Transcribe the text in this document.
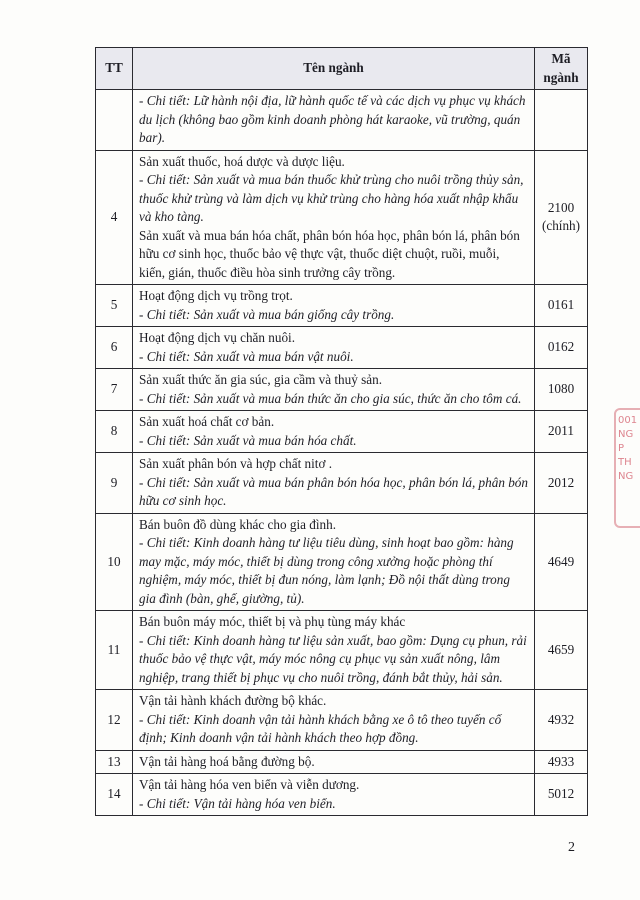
TT	Tên ngành	Mã
ngành

	- Chi tiết: Lữ hành nội địa, lữ hành quốc tế và các dịch vụ phục vụ khách du lịch (không bao gồm kinh doanh phòng hát karaoke, vũ trường, quán bar).	

4	Sản xuất thuốc, hoá dược và dược liệu.
- Chi tiết: Sản xuất và mua bán thuốc khử trùng cho nuôi trồng thủy sản, thuốc khử trùng và làm dịch vụ khử trùng cho hàng hóa xuất nhập khẩu và kho tàng.
Sản xuất và mua bán hóa chất, phân bón hóa học, phân bón lá, phân bón hữu cơ sinh học, thuốc bảo vệ thực vật, thuốc diệt chuột, ruồi, muỗi, kiến, gián, thuốc điều hòa sinh trưởng cây trồng.	2100 (chính)
5	Hoạt động dịch vụ trồng trọt.
- Chi tiết: Sản xuất và mua bán giống cây trồng.	0161
6	Hoạt động dịch vụ chăn nuôi.
- Chi tiết: Sản xuất và mua bán vật nuôi.	0162
7	Sản xuất thức ăn gia súc, gia cầm và thuỷ sản.
- Chi tiết: Sản xuất và mua bán thức ăn cho gia súc, thức ăn cho tôm cá.	1080
8	Sản xuất hoá chất cơ bản.
- Chi tiết: Sản xuất và mua bán hóa chất.	2011
9	Sản xuất phân bón và hợp chất nitơ .
- Chi tiết: Sản xuất và mua bán phân bón hóa học, phân bón lá, phân bón hữu cơ sinh học.	2012
10	Bán buôn đồ dùng khác cho gia đình.
- Chi tiết: Kinh doanh hàng tư liệu tiêu dùng, sinh hoạt bao gồm: hàng may mặc, máy móc, thiết bị dùng trong công xưởng hoặc phòng thí nghiệm, máy móc, thiết bị đun nóng, làm lạnh; Đồ nội thất dùng trong gia đình (bàn, ghế, giường, tủ).	4649
11	Bán buôn máy móc, thiết bị và phụ tùng máy khác
- Chi tiết: Kinh doanh hàng tư liệu sản xuất, bao gồm: Dụng cụ phun, rải thuốc bảo vệ thực vật, máy móc nông cụ phục vụ sản xuất nông, lâm nghiệp, trang thiết bị phục vụ cho nuôi trồng, đánh bắt thủy, hải sản.	4659
12	Vận tải hành khách đường bộ khác.
- Chi tiết: Kinh doanh vận tải hành khách bằng xe ô tô theo tuyến cố định; Kinh doanh vận tải hành khách theo hợp đồng.	4932
13	Vận tải hàng hoá bằng đường bộ.	4933
14	Vận tải hàng hóa ven biển và viễn dương.
- Chi tiết: Vận tải hàng hóa ven biển.	5012
001
NG
P
TH
NG
2
